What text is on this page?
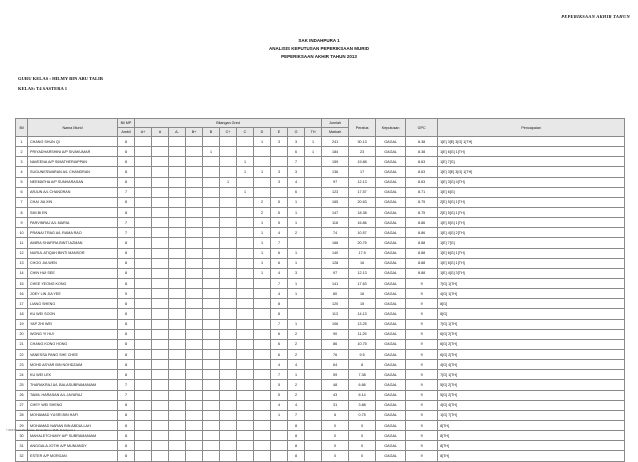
PEPERIKSAAN AKHIR TAHUN
SAK INDAHPURA 1
ANALISIS KEPUTUSAN PEPERIKSAAN MURID
PEPERIKSAAN AKHIR TAHUN 2013
GURU KELAS : HILMY BIN ABU TALIB
KELAS: T4 SASTERA 1
Bil	Nama Murid	Bil MP	Bilangan Gred											Jumlah	Peratus	Keputusan	GPC	Pencapaian
		Ambil	A+	A	A-	B+	B	C+	C	D	E	G	TH	Markah				
1	CHANG SHUN QI	8								1	3	3	1	241	30.13	GAGAL	8.38	1[E] 3[E] 3[G] 1[TH]
2	PRIYADHARSHINI A/P SIVAKUMAR	8					1					6	1	184	23	GAGAL	8.38	1[E] 6[G] 1[TH]
3	NAVEENA A/P SIMATHERIAPPAN	8							1			7		159	19.88	GAGAL	8.63	1[E] 7[G]
4	SUGUNESWARAN A/L CHANDRAN	8							1	1	3	3		136	17	GAGAL	8.63	1[E] 3[E] 3[G] 1[TH]
5	NEEMATHA A/P SUNHARASAN	8						1			3	4		97	12.13	GAGAL	8.63	1[E] 3[G] 4[TH]
6	ARJUN A/L CHANDRAN	7							1			6		123	17.57	GAGAL	8.71	1[E] 6[G]
7	CHAI JIA XIN	8								2	5	1		165	20.63	GAGAL	8.75	2[E] 5[G] 1[TH]
8	SIM BI EN	8								2	5	1		147	18.38	GAGAL	8.75	2[E] 5[G] 1[TH]
9	PARVINRAJ A/L MARIA	7								1	5	1		118	16.86	GAGAL	8.86	1[E] 5[G] 1[TH]
10	PRANAI TRAG A/L RAMA RAO	7								1	4	2		74	10.57	GAGAL	8.86	1[E] 4[G] 2[TH]
11	AMIRA SHAFIRA BINTI AZMAN	8								1	7			166	20.75	GAGAL	8.88	1[E] 7[G]
12	NURUL ATIQAH BINTI MANSOR	8								1	6	1		140	17.5	GAGAL	8.88	1[E] 6[G] 1[TH]
13	CHOO JIA WEN	8								1	6	1		128	16	GAGAL	8.88	1[E] 6[G] 1[TH]
14	CHIN HUI SEE	8								1	4	3		97	12.13	GAGAL	8.88	1[E] 4[G] 3[TH]
15	CHEE YEONG KONG	8									7	1		141	17.63	GAGAL	9	7[G] 1[TH]
16	JOEY LIN JIA YEE	5									4	1		80	16	GAGAL	9	4[G] 1[TH]
17	LIANG SHENG	8									8			120	15	GAGAL	9	8[G]
18	KU WEI SOON	8									8			113	14.13	GAGAL	9	8[G]
19	YAP ZHI WEI	8									7	1		106	13.25	GAGAL	9	7[G] 1[TH]
20	WONG YI HUI	8									6	2		90	11.25	GAGAL	9	6[G] 2[TH]
21	CHANG KONG HONG	8									6	2		86	10.75	GAGAL	9	6[G] 2[TH]
22	VANESSA PANG SHE CHEE	8									6	2		76	9.5	GAGAL	9	6[G] 2[TH]
23	MOHD ASYAR BIN NOHDZAIM	8									4	4		64	8	GAGAL	9	4[G] 4[TH]
24	KU WEI LEK	8									7	1		59	7.38	GAGAL	9	7[G] 1[TH]
25	THARAKRAJ A/L BALASUBRAMANIAM	7									5	2		48	6.86	GAGAL	9	5[G] 2[TH]
26	TAMIL HARASAN A/L JAYARAJ	7									5	2		43	6.14	GAGAL	9	5[G] 2[TH]
27	CHEY WEI SHENG	8									4	4		31	3.88	GAGAL	9	4[G] 4[TH]
28	MOHAMAD YUSRI BIN HAFI	8									1	7		6	0.75	GAGAL	9	1[G] 7[TH]
29	MOHAMAD NARAN BIN ABDULLAH	8										8		0	0	GAGAL	9	8[TH]
30	MAHALETCHUMY A/P SUBRAMANIAM	8										8		0	0	GAGAL	9	8[TH]
31	ANGGALA JOTHI A/P MUNIANDY	8										8		0	0	GAGAL	9	8[TH]
32	ESTER A/P MORGAN	8										8		0	0	GAGAL	9	8[TH]
©2013 Cem Perhatian Pentadbiran SMK Indahpura 1
